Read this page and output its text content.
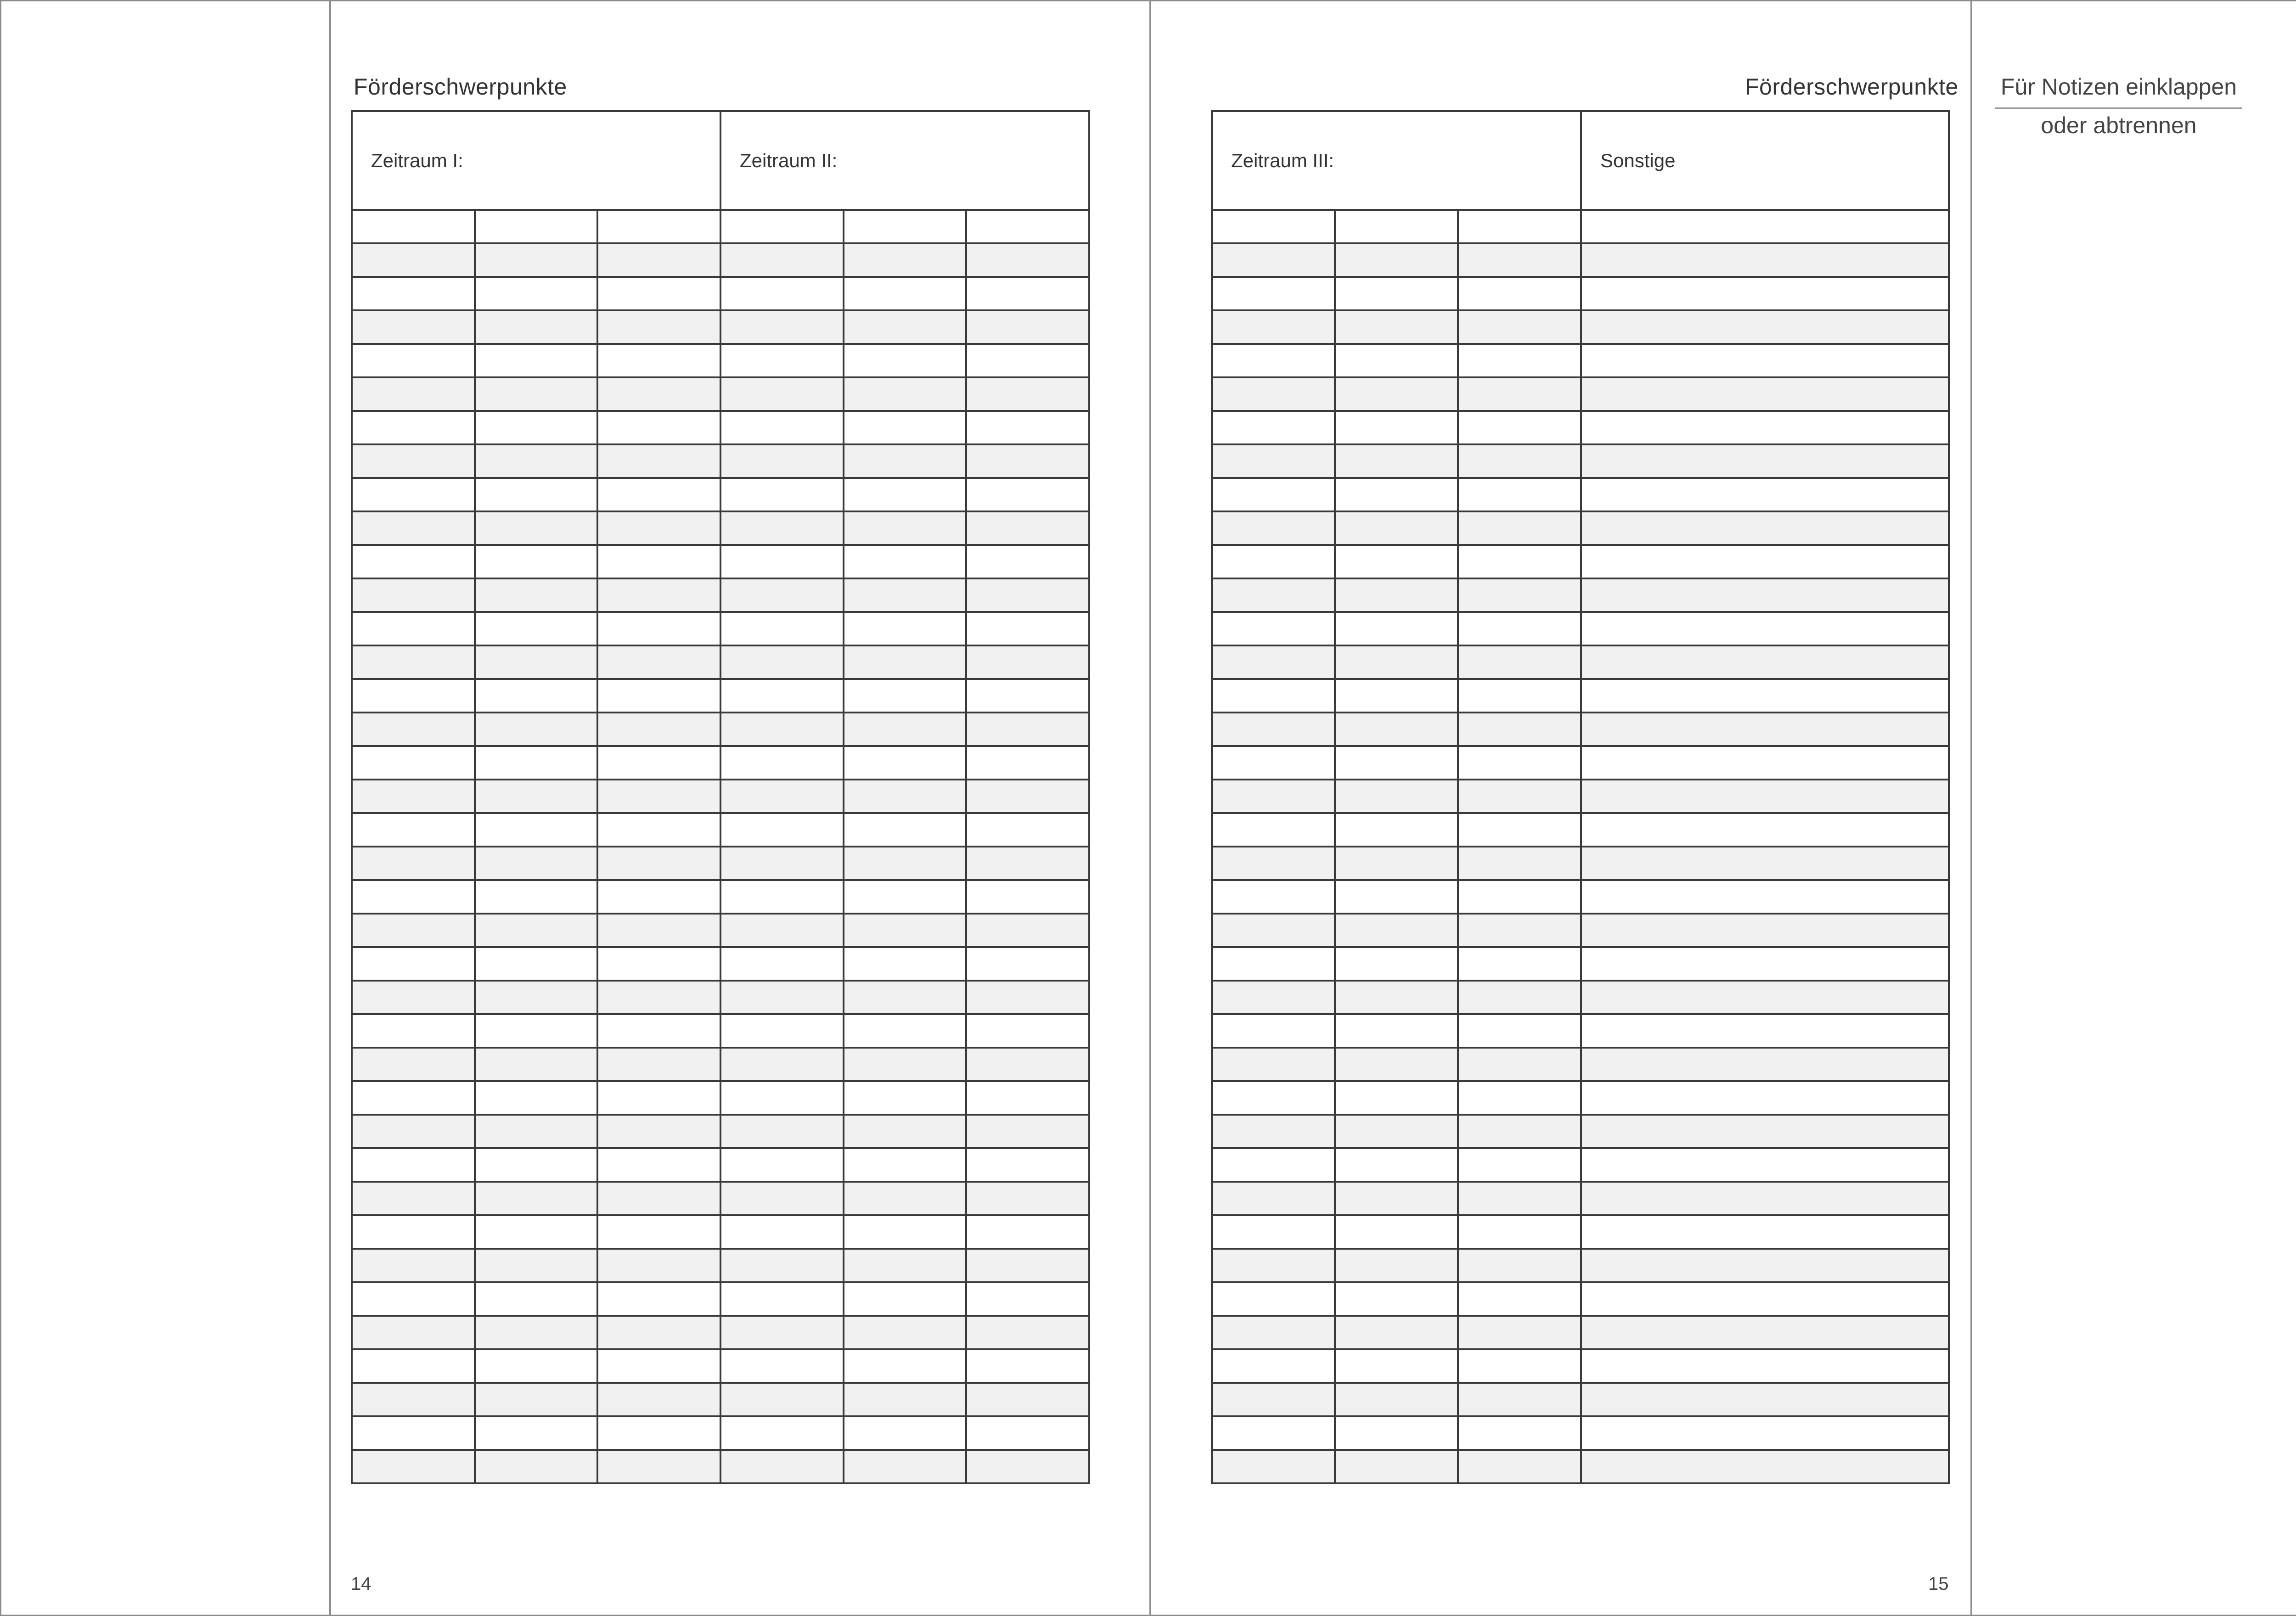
Förderschwerpunkte
Zeitraum I:			Zeitraum II:		

14
Förderschwerpunkte
Zeitraum III:			Sonstige

15
Für Notizen einklappen
oder abtrennen
